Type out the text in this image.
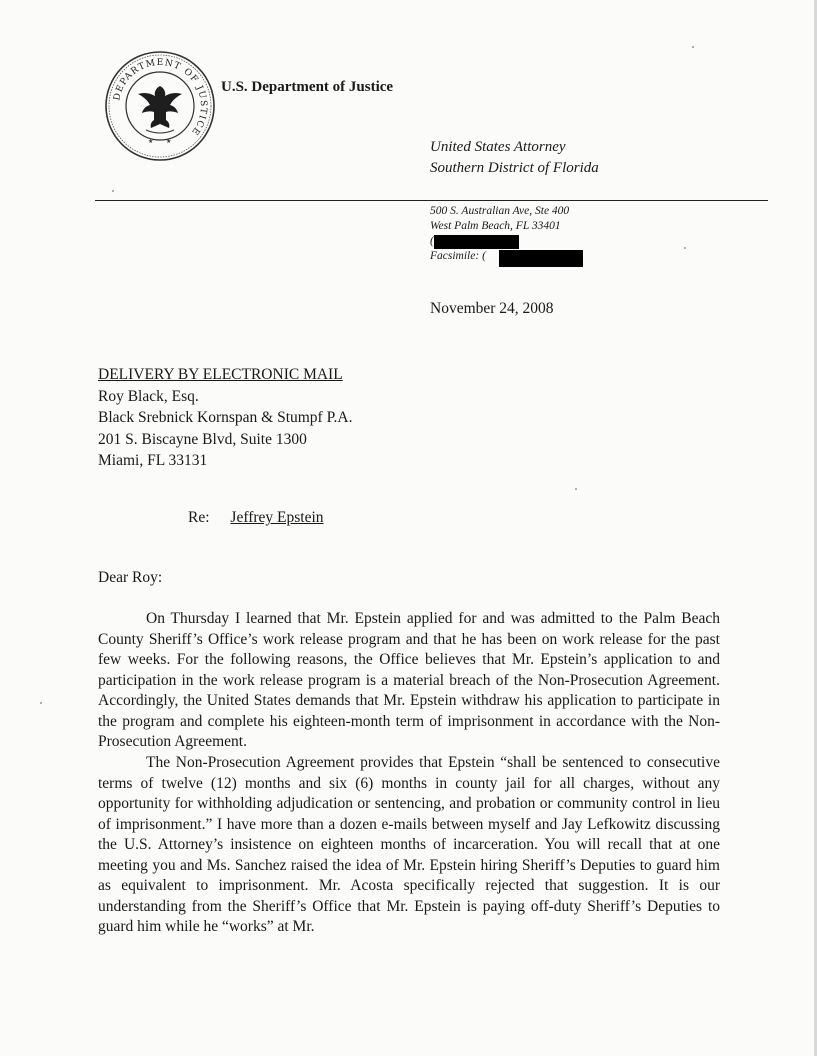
DEPARTMENT OF JUSTICE
★ ★
U.S. Department of Justice
United States Attorney
Southern District of Florida
500 S. Australian Ave, Ste 400
West Palm Beach, FL 33401
(
Facsimile: (
November 24, 2008
DELIVERY BY ELECTRONIC MAIL
Roy Black, Esq.
Black Srebnick Kornspan & Stumpf P.A.
201 S. Biscayne Blvd, Suite 1300
Miami, FL 33131
Re: Jeffrey Epstein
Dear Roy:

On Thursday I learned that Mr. Epstein applied for and was admitted to the Palm Beach County Sheriff’s Office’s work release program and that he has been on work release for the past few weeks. For the following reasons, the Office believes that Mr. Epstein’s application to and participation in the work release program is a material breach of the Non-Prosecution Agreement. Accordingly, the United States demands that Mr. Epstein withdraw his application to participate in the program and complete his eighteen-month term of imprisonment in accordance with the Non-Prosecution Agreement.

The Non-Prosecution Agreement provides that Epstein “shall be sentenced to consecutive terms of twelve (12) months and six (6) months in county jail for all charges, without any opportunity for withholding adjudication or sentencing, and probation or community control in lieu of imprisonment.” I have more than a dozen e-mails between myself and Jay Lefkowitz discussing the U.S. Attorney’s insistence on eighteen months of incarceration. You will recall that at one meeting you and Ms. Sanchez raised the idea of Mr. Epstein hiring Sheriff’s Deputies to guard him as equivalent to imprisonment. Mr. Acosta specifically rejected that suggestion. It is our understanding from the Sheriff’s Office that Mr. Epstein is paying off-duty Sheriff’s Deputies to guard him while he “works” at Mr.
